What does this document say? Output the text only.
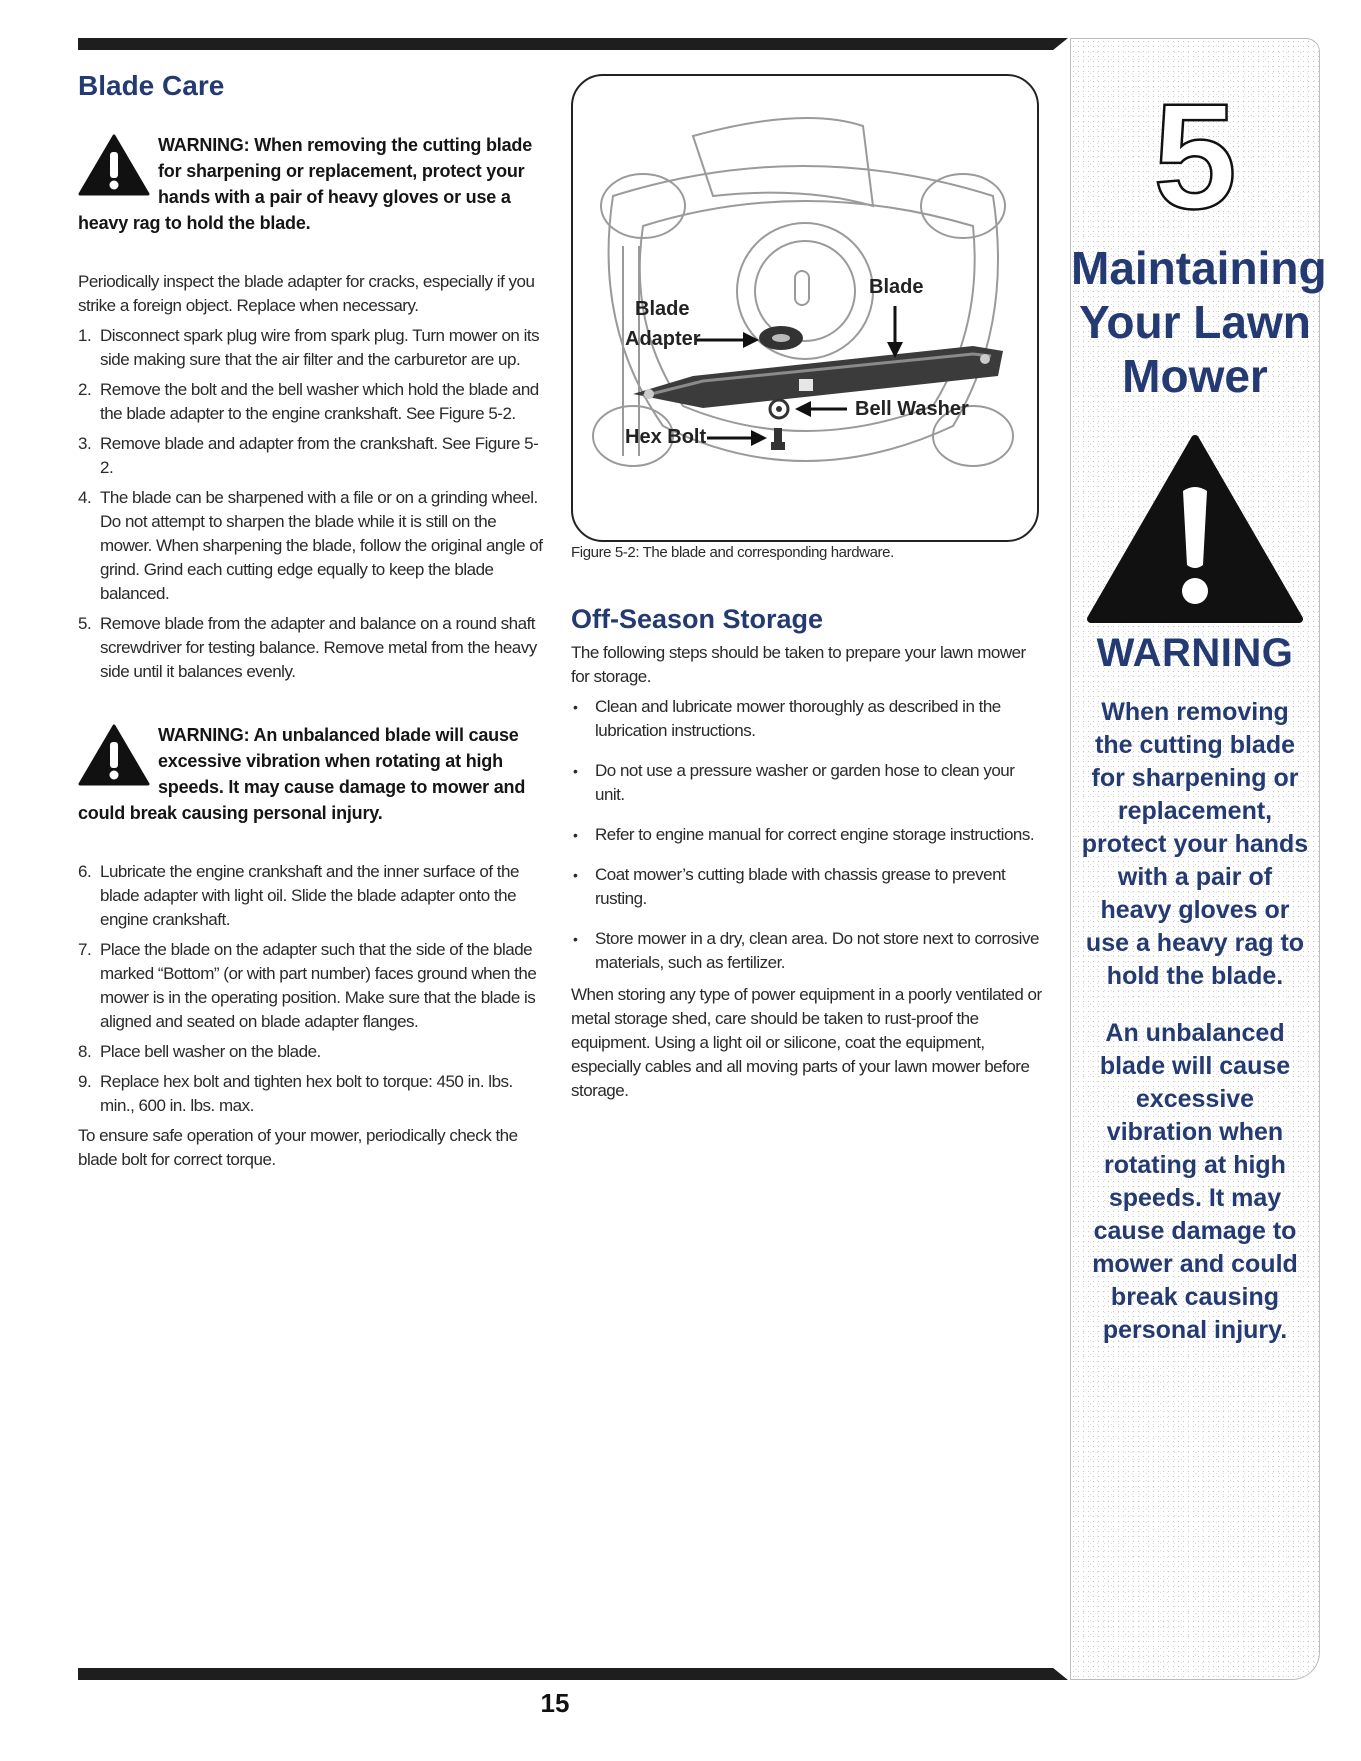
Blade Care

WARNING: When removing the cutting blade for sharpening or replacement, protect your hands with a pair of heavy gloves or use a heavy rag to hold the blade.

Periodically inspect the blade adapter for cracks, especially if you strike a foreign object. Replace when necessary.

1. Disconnect spark plug wire from spark plug. Turn mower on its side making sure that the air filter and the carburetor are up.
2. Remove the bolt and the bell washer which hold the blade and the blade adapter to the engine crankshaft. See Figure 5-2.
3. Remove blade and adapter from the crankshaft. See Figure 5-2.
4. The blade can be sharpened with a file or on a grinding wheel. Do not attempt to sharpen the blade while it is still on the mower. When sharpening the blade, follow the original angle of grind. Grind each cutting edge equally to keep the blade balanced.
5. Remove blade from the adapter and balance on a round shaft screwdriver for testing balance. Remove metal from the heavy side until it balances evenly.

WARNING: An unbalanced blade will cause excessive vibration when rotating at high speeds. It may cause damage to mower and could break causing personal injury.

6. Lubricate the engine crankshaft and the inner surface of the blade adapter with light oil. Slide the blade adapter onto the engine crankshaft.
7. Place the blade on the adapter such that the side of the blade marked “Bottom” (or with part number) faces ground when the mower is in the operating position. Make sure that the blade is aligned and seated on blade adapter flanges.
8. Place bell washer on the blade.
9. Replace hex bolt and tighten hex bolt to torque: 450 in. lbs. min., 600 in. lbs. max.

To ensure safe operation of your mower, periodically check the blade bolt for correct torque.

Blade
Adapter
Blade
Bell Washer
Hex Bolt
Figure 5-2: The blade and corresponding hardware.
Off-Season Storage

The following steps should be taken to prepare your lawn mower for storage.

• Clean and lubricate mower thoroughly as described in the lubrication instructions.
• Do not use a pressure washer or garden hose to clean your unit.
• Refer to engine manual for correct engine storage instructions.
• Coat mower’s cutting blade with chassis grease to prevent rusting.
• Store mower in a dry, clean area. Do not store next to corrosive materials, such as fertilizer.

When storing any type of power equipment in a poorly ventilated or metal storage shed, care should be taken to rust-proof the equipment. Using a light oil or silicone, coat the equipment, especially cables and all moving parts of your lawn mower before storage.

5
Maintaining
Your Lawn
Mower
WARNING
When removing the cutting blade for sharpening or replacement, protect your hands with a pair of heavy gloves or use a heavy rag to hold the blade.
An unbalanced blade will cause excessive vibration when rotating at high speeds. It may cause damage to mower and could break causing personal injury.
15
